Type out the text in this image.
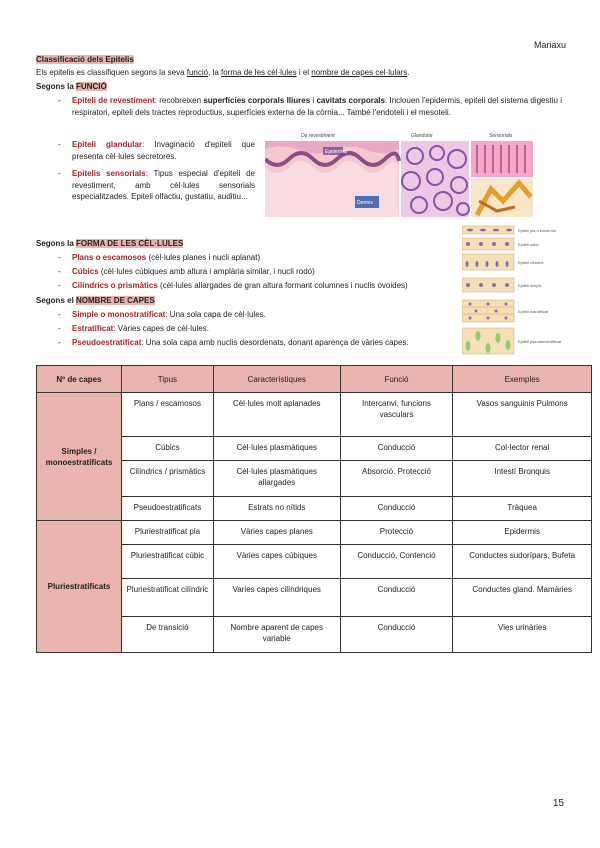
Mariaxu
Classificació dels Epitelis
Els epitelis es classifiquen segons la seva funció, la forma de les cèl·lules i el nombre de capes cel·lulars.
Segons la FUNCIÓ
- Epiteli de revestiment: recobreixen superfícies corporals lliures i cavitats corporals. Inclouen l'epidermis, epiteli del sistema digestiu i respiratori, epiteli dels tractes reproductius, superfícies externa de la còrnia... També l'endoteli i el mesoteli.
- Epiteli glandular: Invaginació d'epiteli que presenta cèl·lules secretores.
- Epitelis sensorials: Tipus especial d'epiteli de revestiment, amb cèl·lules sensorials especialitzades. Epiteli olfactiu, gustatiu, auditiu...
De revestiment	Glandular	Sensorials
Epidermis
Dermis
Segons la FORMA DE LES CÈL·LULES
- Plans o escamosos (cèl·lules planes i nucli aplanat)
- Cúbics (cèl·lules cúbiques amb altura i amplària similar, i nucli rodó)
- Cilíndrics o prismàtics (cèl·lules allargades de gran altura formant columnes i nuclis ovoides)
Segons el NOMBRE DE CAPES
- Simple o monostratificat: Una sola capa de cèl·lules.
- Estratificat: Vàries capes de cèl·lules.
- Pseudoestratificat: Una sola capa amb nuclis desordenats, donant aparença de vàries capes.
Epiteli pla o escamós
Epiteli cúbic
Epiteli cilíndric
Epiteli simple
Epiteli estratificat
Epiteli pseudoestratificat
Nº de capes	Tipus	Característiques	Funció	Exemples
Simples / monoestratificats	Plans / escamosos	Cèl·lules molt aplanades	Intercanvi, funcions vasculars	Vasos sanguinis Pulmons
	Cúbics	Cèl·lules plasmàtiques	Conducció	Col·lector renal
	Cilíndrics / prismàtics	Cèl·lules plasmàtiques allargades	Absorció. Protecció	Intestí Bronquis
	Pseudoestratificats	Estrats no nítids	Conducció	Tràquea
Pluriestratificats	Pluriestratificat pla	Vàries capes planes	Protecció	Epidermis
	Pluriestratificat cúbic	Vàries capes cúbiques	Conducció, Contenció	Conductes sudorípars, Bufeta
	Pluriestratificat cilíndric	Varies capes cilíndriques	Conducció	Conductes gland. Mamàries
	De transició	Nombre aparent de capes variable	Conducció	Vies urinàries
15
